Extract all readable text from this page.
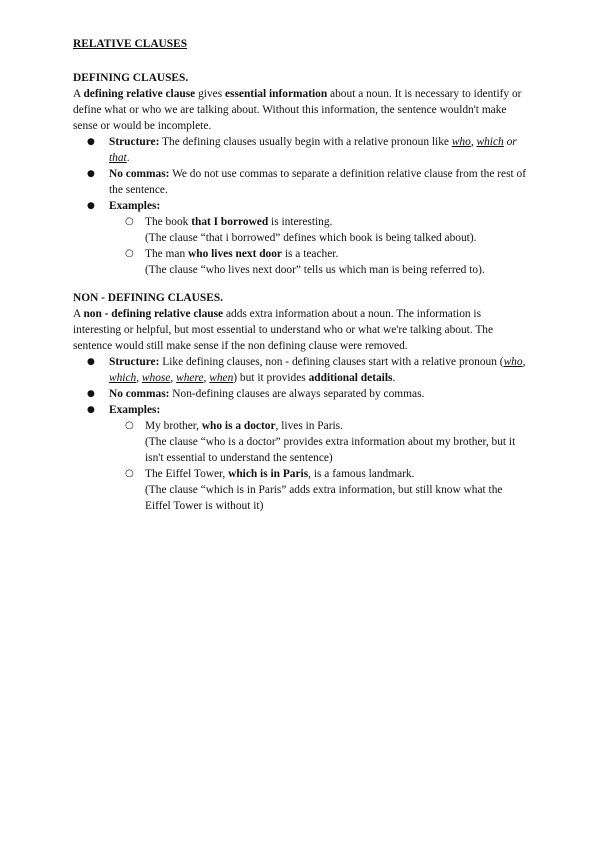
RELATIVE CLAUSES

DEFINING CLAUSES.

A defining relative clause gives essential information about a noun. It is necessary to identify or define what or who we are talking about. Without this information, the sentence wouldn't make sense or would be incomplete.

● Structure: The defining clauses usually begin with a relative pronoun like who, which or that.
● No commas: We do not use commas to separate a definition relative clause from the rest of the sentence.
● Examples:

○ The book that I borrowed is interesting.

(The clause “that i borrowed” defines which book is being talked about).

○ The man who lives next door is a teacher.

(The clause “who lives next door” tells us which man is being referred to).

NON - DEFINING CLAUSES.

A non - defining relative clause adds extra information about a noun. The information is interesting or helpful, but most essential to understand who or what we're talking about. The sentence would still make sense if the non defining clause were removed.

● Structure: Like defining clauses, non - defining clauses start with a relative pronoun (who, which, whose, where, when) but it provides additional details.
● No commas: Non-defining clauses are always separated by commas.
● Examples:

○ My brother, who is a doctor, lives in Paris.

(The clause “who is a doctor” provides extra information about my brother, but it isn't essential to understand the sentence)

○ The Eiffel Tower, which is in Paris, is a famous landmark.

(The clause “which is in Paris” adds extra information, but still know what the Eiffel Tower is without it)
